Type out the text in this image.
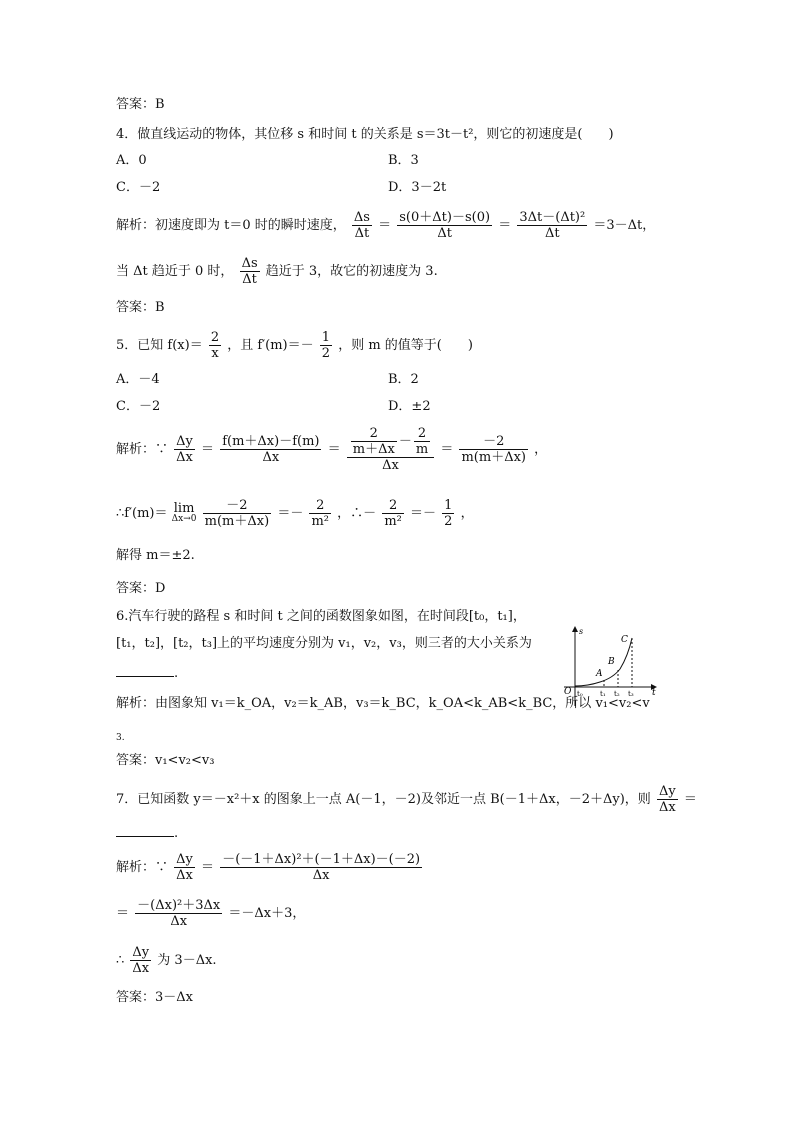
答案：B
4．做直线运动的物体，其位移 s 和时间 t 的关系是 s＝3t－t²，则它的初速度是(　　)
A．0	B．3
C．－2	D．3－2t
解析：初速度即为 t＝0 时的瞬时速度， $\frac{\Delta s}{\Delta t} = \frac{s(0+\Delta t)-s(0)}{\Delta t} = \frac{\text{3Δt－(Δt)²}}{\Delta t} =3-\Delta t$，
当 Δt 趋近于 0 时， $\frac{\Delta s}{\Delta t}$ 趋近于 3，故它的初速度为 3.
答案：B
5．已知 $f(x)= \frac{2}{x}$ ，且 $f'(m)=- \frac{1}{2}$ ，则 m 的值等于(　　)
A．－4	B．2
C．－2	D．±2
解析：∵ $\frac{\Delta y}{\Delta x} = \frac{f(m+\Delta x)-f(m)}{\Delta x} = \frac{\frac{2}{m+\Delta x} - \frac{2}{m}}{\Delta x} = \frac{-2}{m(m+\Delta x)}$ ，
∴f′(m)＝ lim
Δx→0
$\frac{-2}{m(m+\Delta x)} =- \frac{2}{\text{m²}}$ ，∴－ $\frac{2}{\text{m²}} =- \frac{1}{2}$ ，
解得 m＝±2.
答案：D
6.汽车行驶的路程 s 和时间 t 之间的函数图象如图，在时间段[t₀，t₁]，
[t₁，t₂]，[t₂，t₃]上的平均速度分别为 v₁，v₂，v₃，则三者的大小关系为
.
解析：由图象知 v₁＝k_OA，v₂＝k_AB，v₃＝k_BC，k_OA<k_AB<k_BC，所以 v₁<v₂<v
3.
答案：v₁<v₂<v₃
s
t
O t₀ t₁ t₂ t₃
A
B
C
7．已知函数 y＝－x²＋x 的图象上一点 A(－1，－2)及邻近一点 B(－1＋Δx，－2＋Δy)，则 $\frac{\Delta y}{\Delta x}$ ＝
.
解析：∵ $\frac{\Delta y}{\Delta x} = \frac{\text{－(－1＋Δx)²＋(－1＋Δx)－(－2)}}{\Delta x}$
＝ $\frac{\text{－(Δx)²＋3Δx}}{\Delta x} =-\Delta x+3$，
∴ $\frac{\Delta y}{\Delta x}$ 为 3－Δx.
答案：3－Δx
